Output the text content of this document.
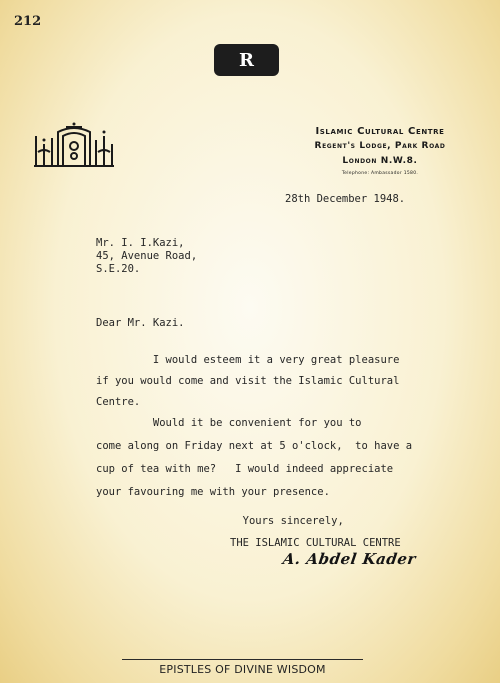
212
R
Islamic Cultural Centre
Regent's Lodge, Park Road
London N.W.8.
Telephone: Ambassador 1580.
28th December 1948.
Mr. I. I.Kazi,
45, Avenue Road,
S.E.20.
Dear Mr. Kazi.
I would esteem it a very great pleasure
if you would come and visit the Islamic Cultural
Centre.
Would it be convenient for you to
come along on Friday next at 5 o'clock,  to have a
cup of tea with me?   I would indeed appreciate
your favouring me with your presence.
Yours sincerely,
THE ISLAMIC CULTURAL CENTRE
A. Abdel Kader
EPISTLES OF DIVINE WISDOM
